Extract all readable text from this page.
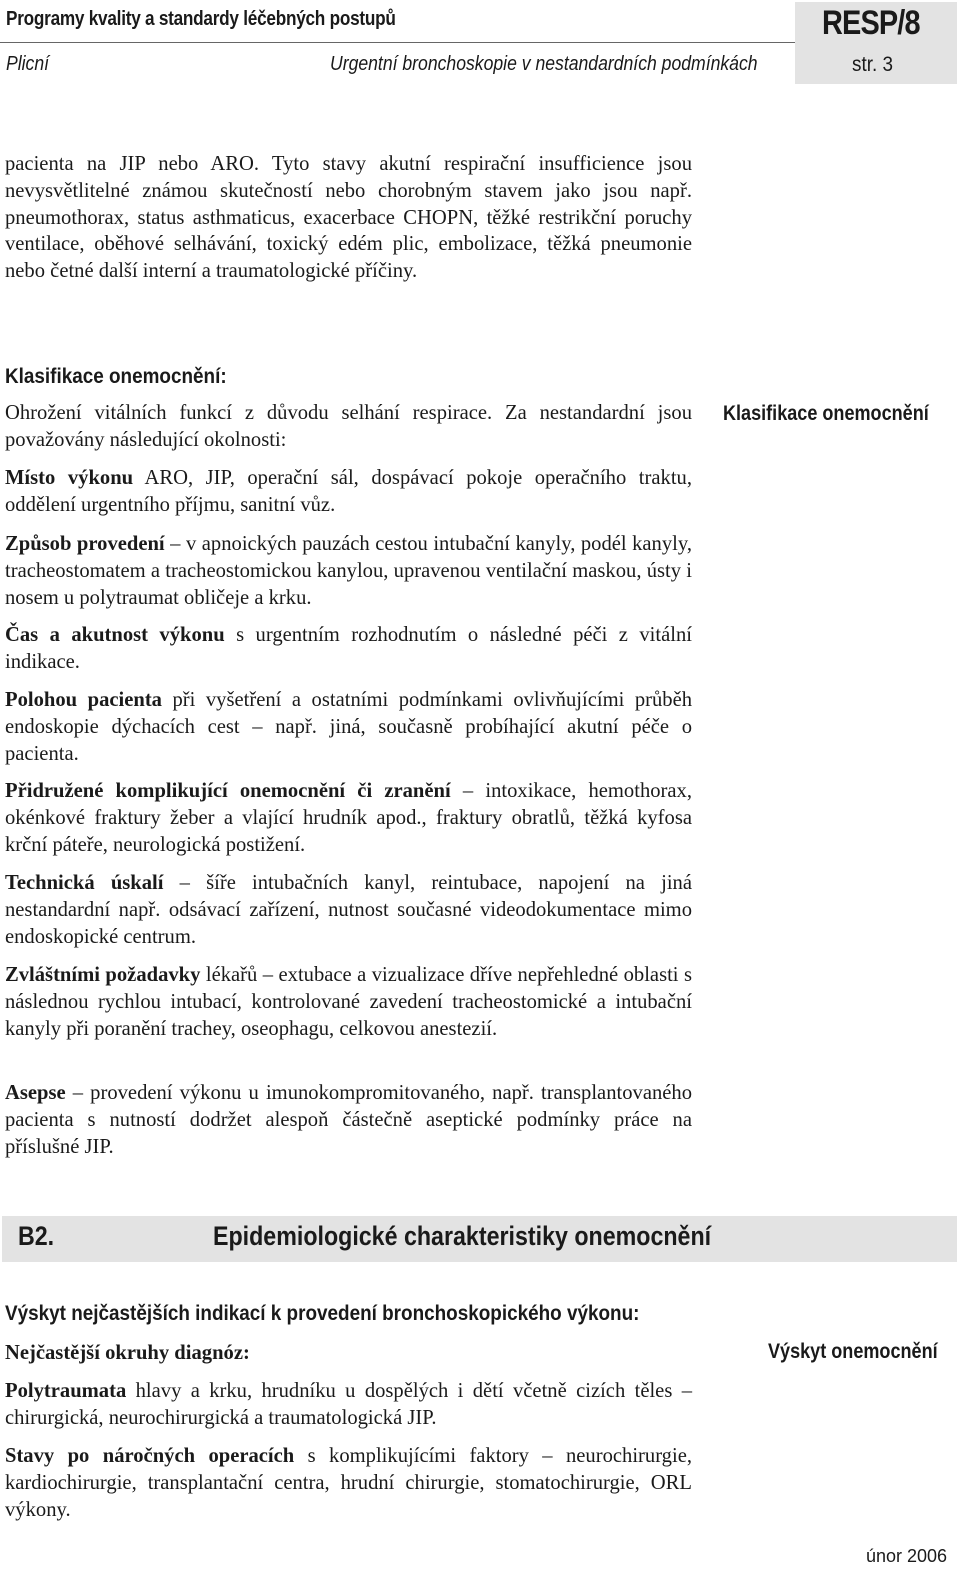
Programy kvality a standardy léčebných postupů
Plicní	Urgentní bronchoskopie v nestandardních podmínkách
RESP/8
str. 3

pacienta na JIP nebo ARO. Tyto stavy akutní respirační insufficience jsou nevysvětlitelné známou skutečností nebo chorobným stavem jako jsou např. pneumothorax, status asthmaticus, exacerbace CHOPN, těžké restrikční poruchy ventilace, oběhové selhávání, toxický edém plic, embolizace, těžká pneumonie nebo četné další interní a traumatologické příčiny.

Klasifikace onemocnění:
Klasifikace onemocnění

Ohrožení vitálních funkcí z důvodu selhání respirace. Za nestandardní jsou považovány následující okolnosti:

Místo výkonu ARO, JIP, operační sál, dospávací pokoje operačního traktu, oddělení urgentního příjmu, sanitní vůz.

Způsob provedení – v apnoických pauzách cestou intubační kanyly, podél kanyly, tracheostomatem a tracheostomickou kanylou, upravenou ventilační maskou, ústy i nosem u polytraumat obličeje a krku.

Čas a akutnost výkonu s urgentním rozhodnutím o následné péči z vitální indikace.

Polohou pacienta při vyšetření a ostatními podmínkami ovlivňujícími průběh endoskopie dýchacích cest – např. jiná, současně probíhající akutní péče o pacienta.

Přidružené komplikující onemocnění či zranění – intoxikace, hemothorax, okénkové fraktury žeber a vlající hrudník apod., fraktury obratlů, těžká kyfosa krční páteře, neurologická postižení.

Technická úskalí – šíře intubačních kanyl, reintubace, napojení na jiná nestandardní např. odsávací zařízení, nutnost současné videodokumentace mimo endoskopické centrum.

Zvláštními požadavky lékařů – extubace a vizualizace dříve nepřehledné oblasti s následnou rychlou intubací, kontrolované zavedení tracheostomické a intubační kanyly při poranění trachey, oseophagu, celkovou anestezií.

Asepse – provedení výkonu u imunokompromitovaného, např. transplantovaného pacienta s nutností dodržet alespoň částečně aseptické podmínky práce na příslušné JIP.

B2.	Epidemiologické charakteristiky onemocnění
Výskyt nejčastějších indikací k provedení bronchoskopického výkonu:
Výskyt onemocnění

Nejčastější okruhy diagnóz:

Polytraumata hlavy a krku, hrudníku u dospělých i dětí včetně cizích těles – chirurgická, neurochirurgická a traumatologická JIP.

Stavy po náročných operacích s komplikujícími faktory – neurochirurgie, kardiochirurgie, transplantační centra, hrudní chirurgie, stomatochirurgie, ORL výkony.

únor 2006
